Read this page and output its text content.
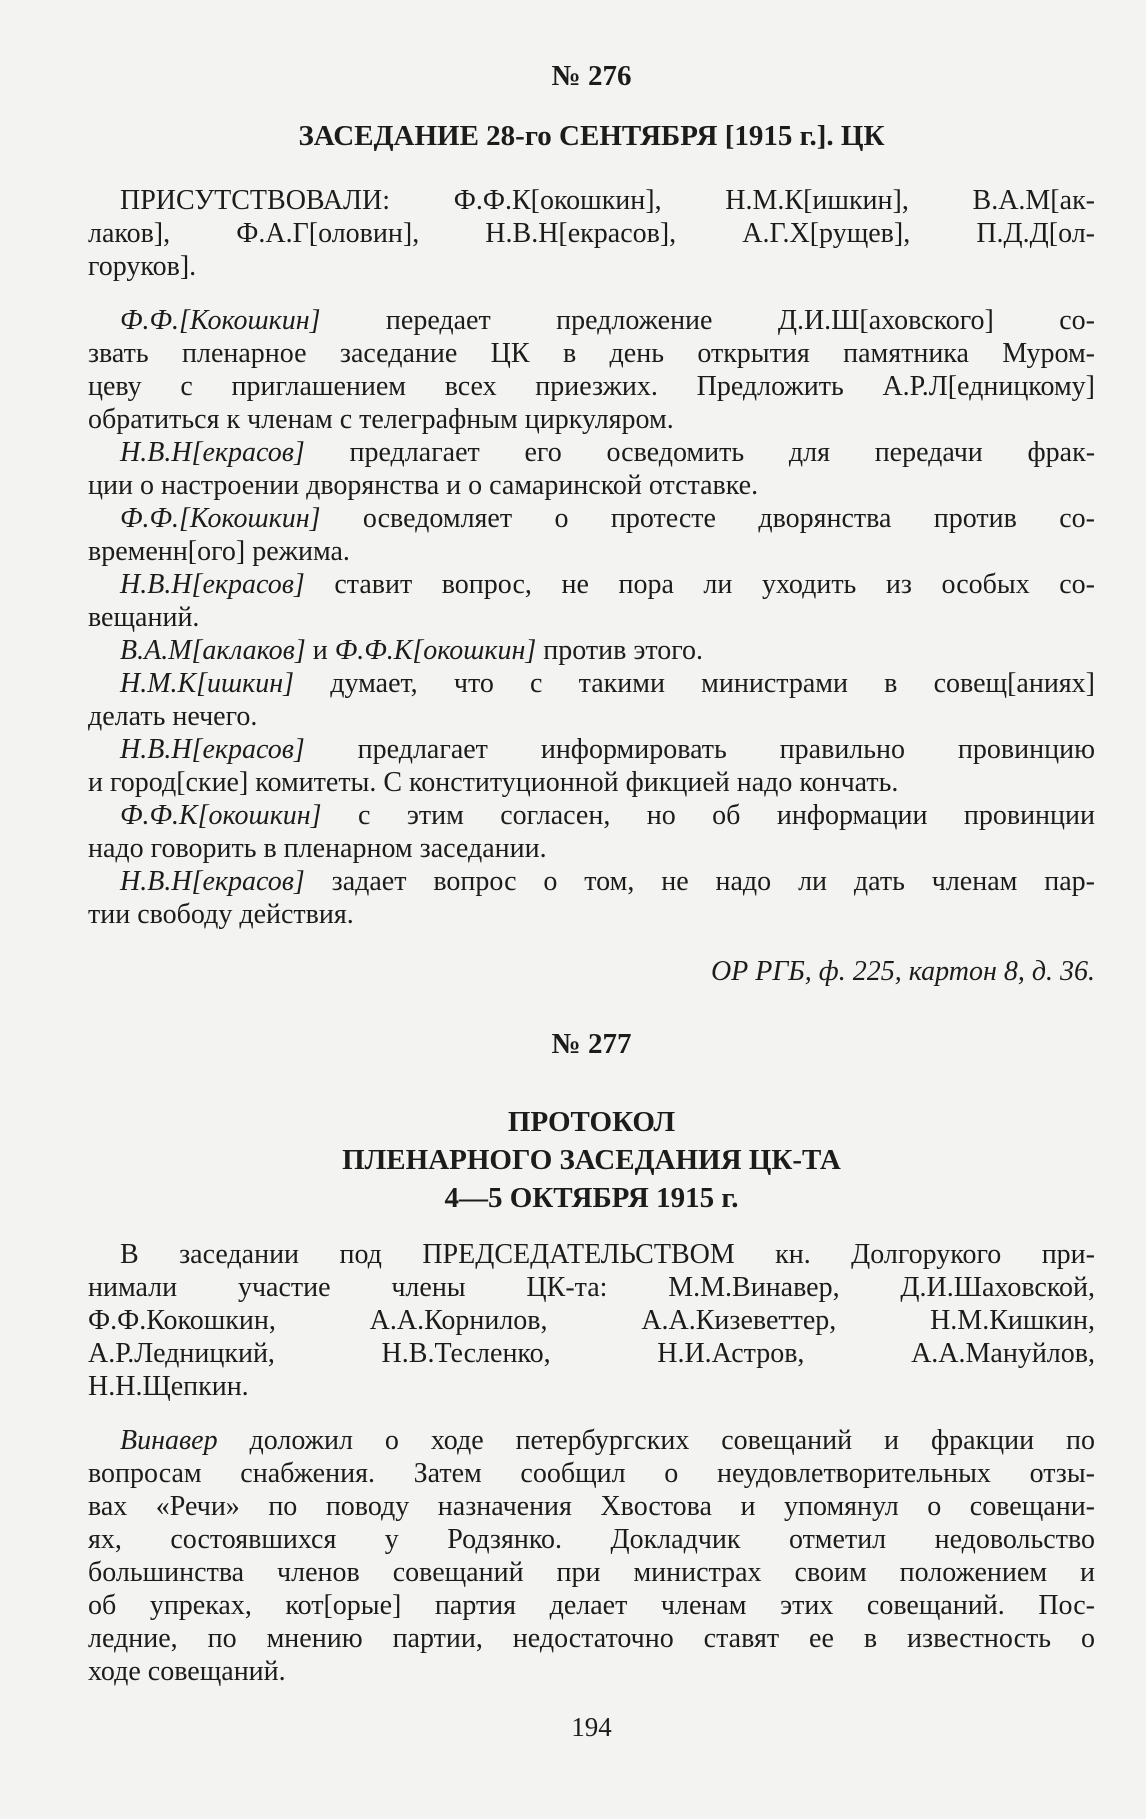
№ 276
ЗАСЕДАНИЕ 28-го СЕНТЯБРЯ [1915 г.]. ЦК
ПРИСУТСТВОВАЛИ: Ф.Ф.К[окошкин], Н.М.К[ишкин], В.А.М[ак-
лаков], Ф.А.Г[оловин], Н.В.Н[екрасов], А.Г.Х[рущев], П.Д.Д[ол-
горуков].
Ф.Ф.[Кокошкин] передает предложение Д.И.Ш[аховского] со-
звать пленарное заседание ЦК в день открытия памятника Муром-
цеву с приглашением всех приезжих. Предложить А.Р.Л[едницкому]
обратиться к членам с телеграфным циркуляром.
Н.В.Н[екрасов] предлагает его осведомить для передачи фрак-
ции о настроении дворянства и о самаринской отставке.
Ф.Ф.[Кокошкин] осведомляет о протесте дворянства против со-
временн[ого] режима.
Н.В.Н[екрасов] ставит вопрос, не пора ли уходить из особых со-
вещаний.
В.А.М[аклаков] и Ф.Ф.К[окошкин] против этого.
Н.М.К[ишкин] думает, что с такими министрами в совещ[аниях]
делать нечего.
Н.В.Н[екрасов] предлагает информировать правильно провинцию
и город[ские] комитеты. С конституционной фикцией надо кончать.
Ф.Ф.К[окошкин] с этим согласен, но об информации провинции
надо говорить в пленарном заседании.
Н.В.Н[екрасов] задает вопрос о том, не надо ли дать членам пар-
тии свободу действия.
ОР РГБ, ф. 225, картон 8, д. 36.
№ 277
ПРОТОКОЛ
ПЛЕНАРНОГО ЗАСЕДАНИЯ ЦК-ТА
4—5 ОКТЯБРЯ 1915 г.
В заседании под ПРЕДСЕДАТЕЛЬСТВОМ кн. Долгорукого при-
нимали участие члены ЦК-та: М.М.Винавер, Д.И.Шаховской,
Ф.Ф.Кокошкин, А.А.Корнилов, А.А.Кизеветтер, Н.М.Кишкин,
А.Р.Ледницкий, Н.В.Тесленко, Н.И.Астров, А.А.Мануйлов,
Н.Н.Щепкин.
Винавер доложил о ходе петербургских совещаний и фракции по
вопросам снабжения. Затем сообщил о неудовлетворительных отзы-
вах «Речи» по поводу назначения Хвостова и упомянул о совещани-
ях, состоявшихся у Родзянко. Докладчик отметил недовольство
большинства членов совещаний при министрах своим положением и
об упреках, кот[орые] партия делает членам этих совещаний. Пос-
ледние, по мнению партии, недостаточно ставят ее в известность о
ходе совещаний.
194
